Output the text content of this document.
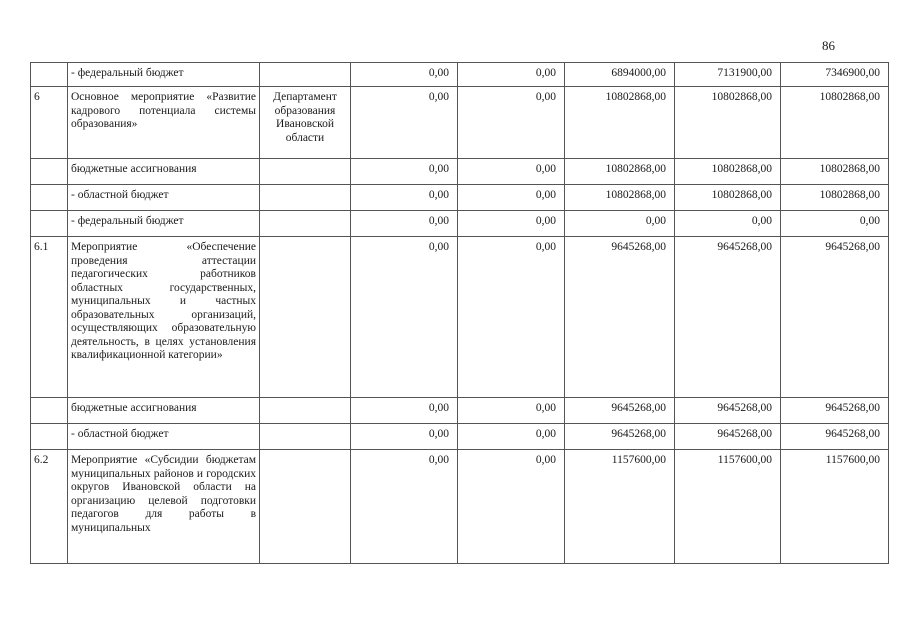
86
	- федеральный бюджет		0,00	0,00	6894000,00	7131900,00	7346900,00
6	Основное мероприятие «Развитие кадрового потенциала системы образования»	Департамент образования Ивановской области	0,00	0,00	10802868,00	10802868,00	10802868,00
	бюджетные ассигнования		0,00	0,00	10802868,00	10802868,00	10802868,00
	- областной бюджет		0,00	0,00	10802868,00	10802868,00	10802868,00
	- федеральный бюджет		0,00	0,00	0,00	0,00	0,00
6.1	Мероприятие «Обеспечение проведения аттестации педагогических работников областных государственных, муниципальных и частных образовательных организаций, осуществляющих образовательную деятельность, в целях установления квалификационной категории»		0,00	0,00	9645268,00	9645268,00	9645268,00
	бюджетные ассигнования		0,00	0,00	9645268,00	9645268,00	9645268,00
	- областной бюджет		0,00	0,00	9645268,00	9645268,00	9645268,00
6.2	Мероприятие «Субсидии бюджетам муниципальных районов и городских округов Ивановской области на организацию целевой подготовки педагогов для работы в муниципальных		0,00	0,00	1157600,00	1157600,00	1157600,00
